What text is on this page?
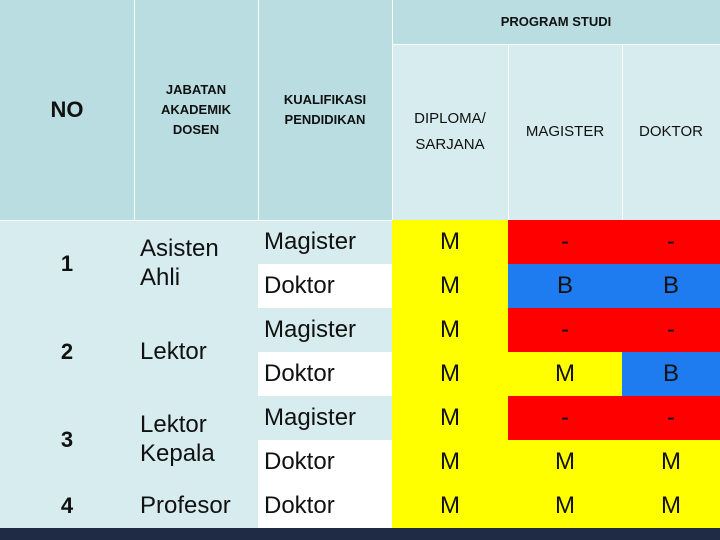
NO
JABATAN AKADEMIK DOSEN
KUALIFIKASI PENDIDIKAN
PROGRAM STUDI
DIPLOMA/ SARJANA
MAGISTER DOKTOR
1
2
3
4
Asisten Ahli
Lektor
Lektor Kepala
Profesor
Magister
Doktor
Magister
Doktor
Magister
Doktor
Doktor
M
M
M
M
M
M
M
-
B
-
M
-
M
M
-
B
-
B
-
M
M
